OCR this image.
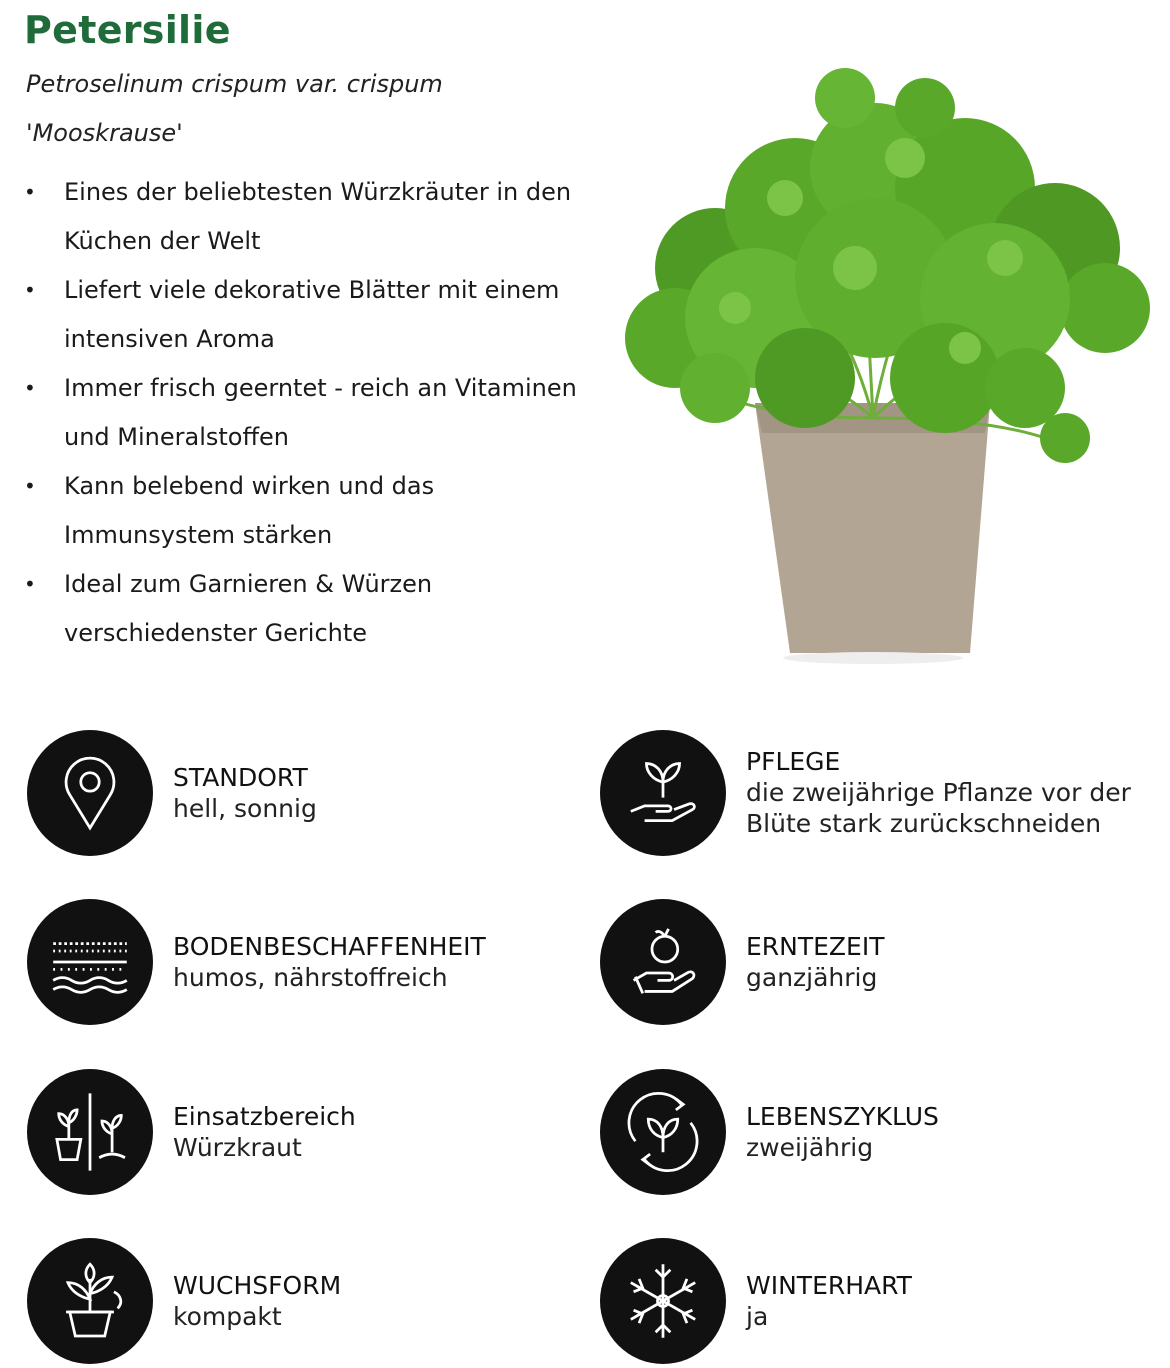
Petersilie
Petroselinum crispum var. crispum
'Mooskrause'
• Eines der beliebtesten Würzkräuter in den
Küchen der Welt
• Liefert viele dekorative Blätter mit einem
intensiven Aroma
• Immer frisch geerntet - reich an Vitaminen
und Mineralstoffen
• Kann belebend wirken und das
Immunsystem stärken
• Ideal zum Garnieren & Würzen
verschiedenster Gerichte
STANDORT
hell, sonnig
PFLEGE
die zweijährige Pflanze vor der
Blüte stark zurückschneiden
BODENBESCHAFFENHEIT
humos, nährstoffreich
ERNTEZEIT
ganzjährig
Einsatzbereich
Würzkraut
LEBENSZYKLUS
zweijährig
WUCHSFORM
kompakt
WINTERHART
ja
